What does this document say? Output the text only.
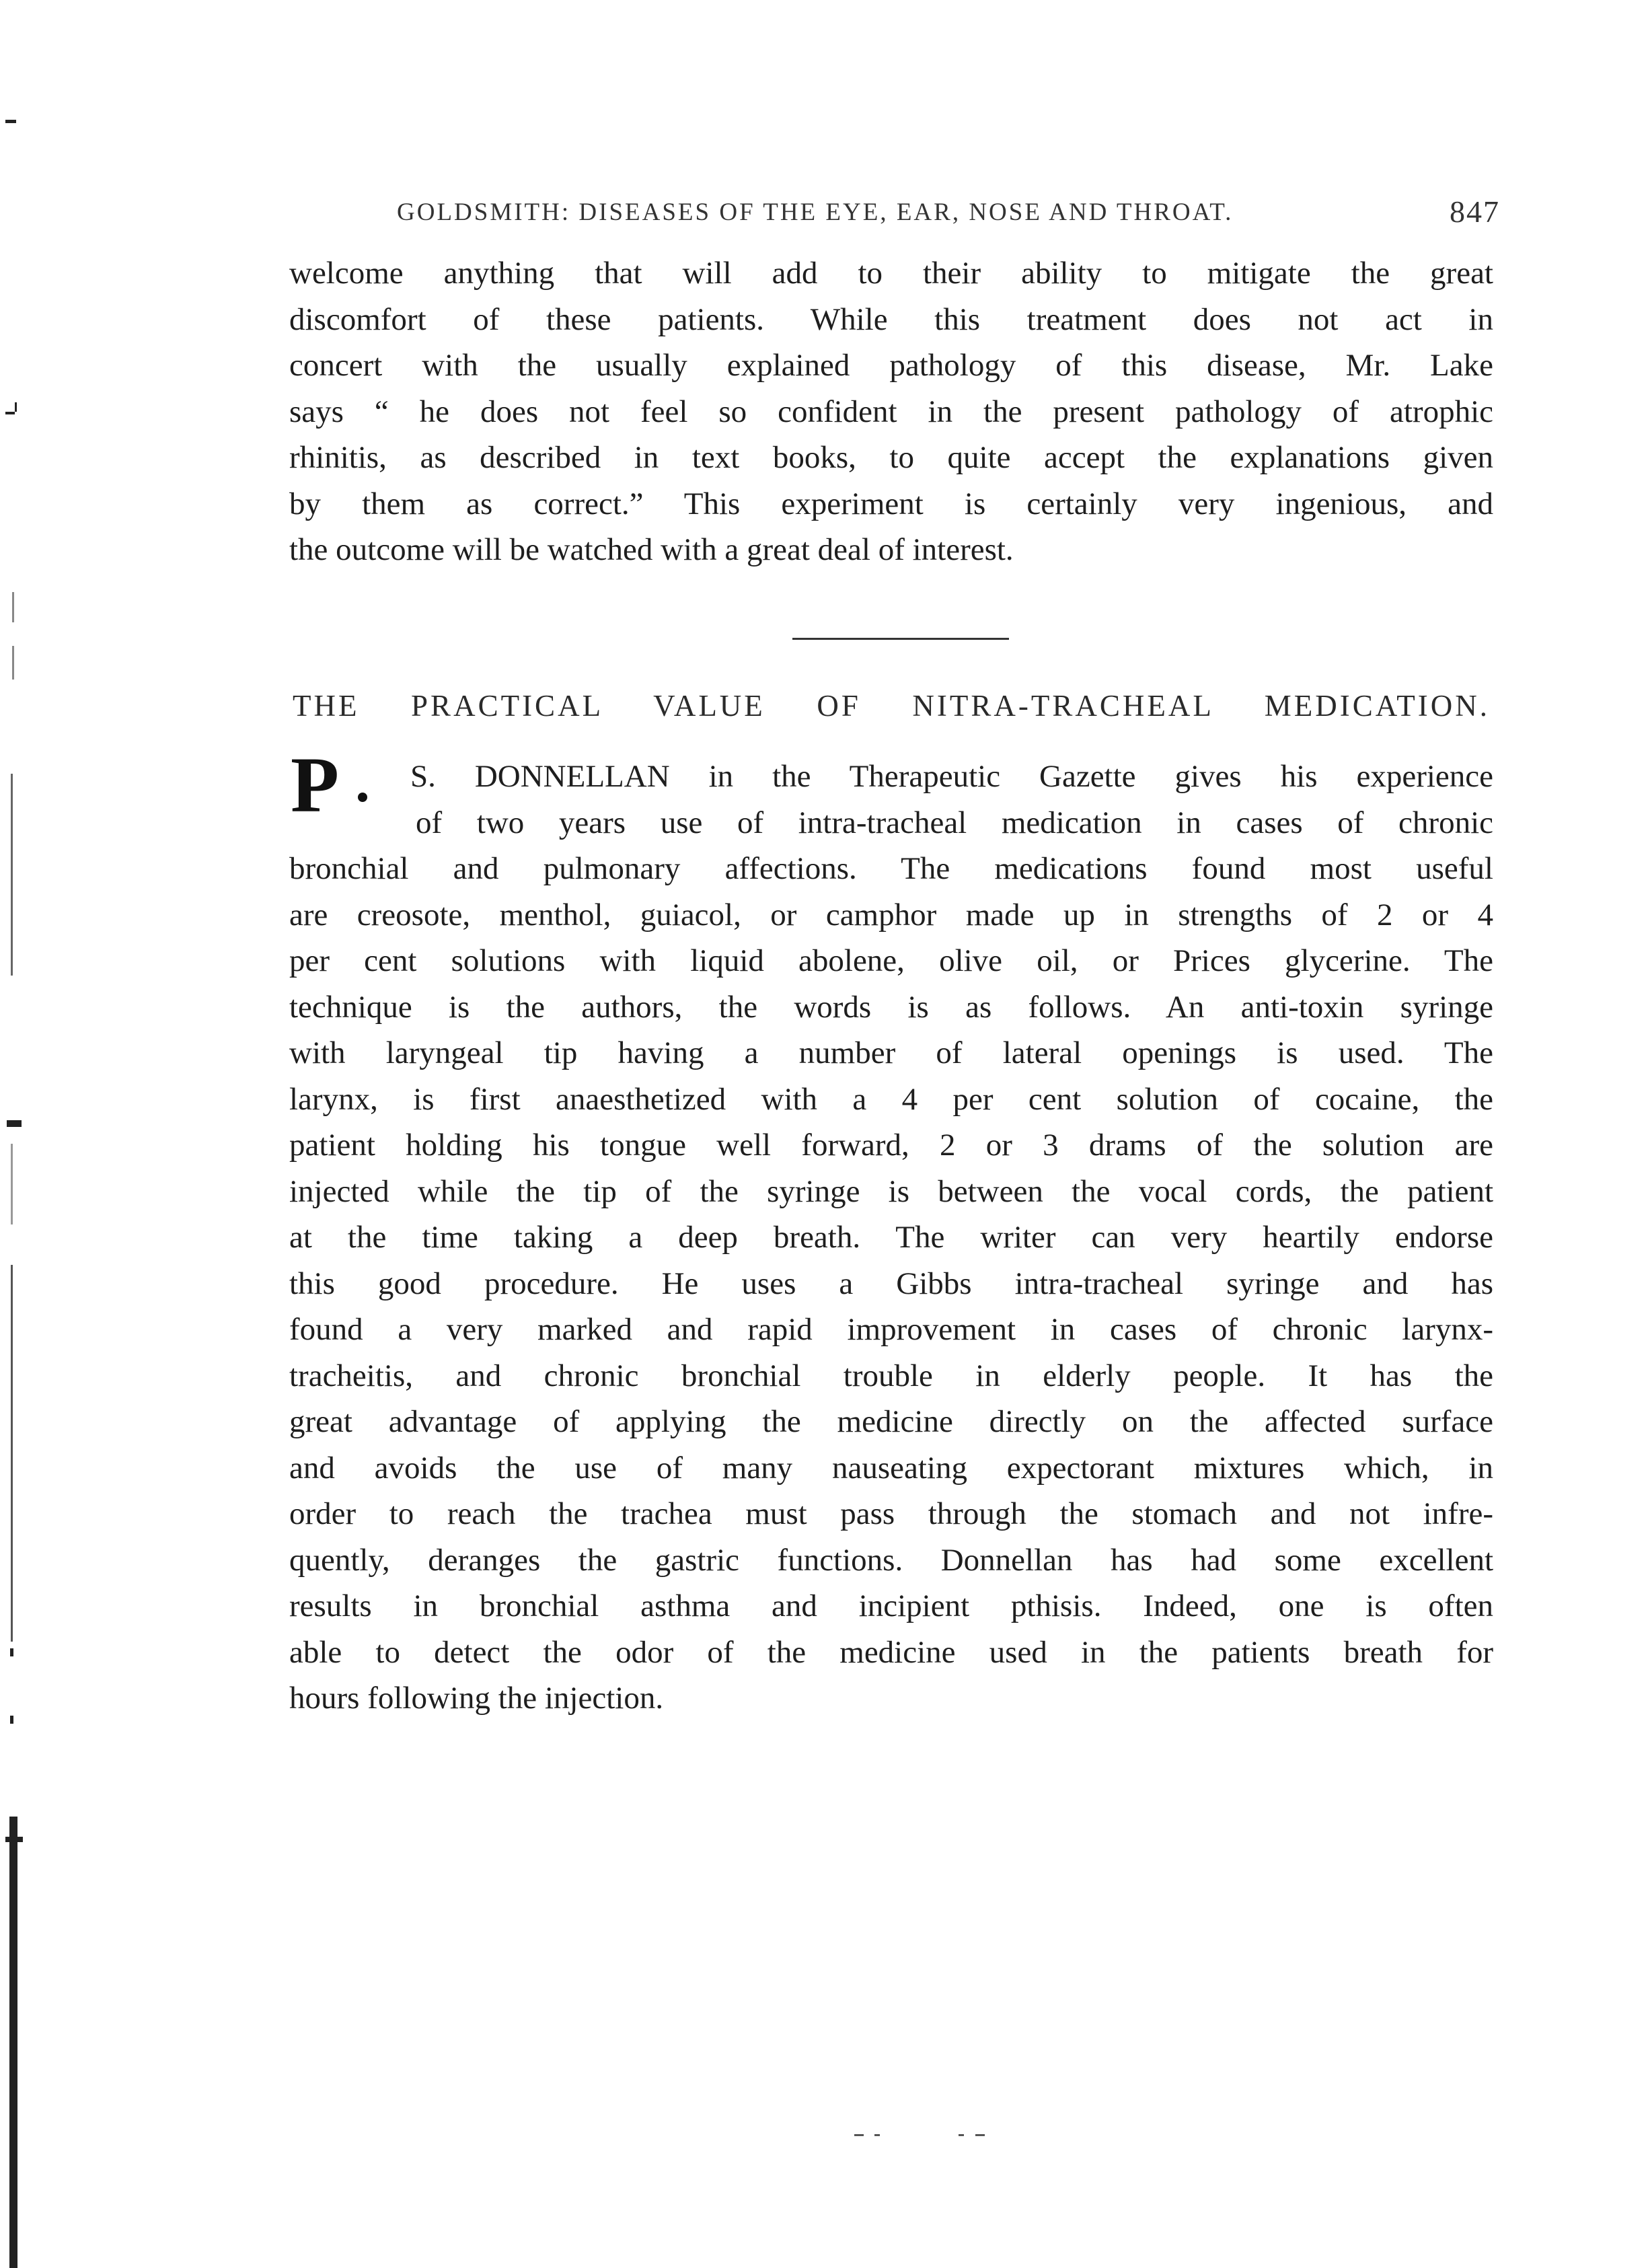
GOLDSMITH: DISEASES OF THE EYE, EAR, NOSE AND THROAT.	847
welcome anything that will add to their ability to mitigate the great
discomfort of these patients. While this treatment does not act in
concert with the usually explained pathology of this disease, Mr. Lake
says “ he does not feel so confident in the present pathology of atrophic
rhinitis, as described in text books, to quite accept the explanations given
by them as correct.” This experiment is certainly very ingenious, and
the outcome will be watched with a great deal of interest.
THE PRACTICAL VALUE OF NITRA-TRACHEAL MEDICATION.
P	S. DONNELLAN in the Therapeutic Gazette gives his experience
of two years use of intra-tracheal medication in cases of chronic
bronchial and pulmonary affections. The medications found most useful
are creosote, menthol, guiacol, or camphor made up in strengths of 2 or 4
per cent solutions with liquid abolene, olive oil, or Prices glycerine. The
technique is the authors, the words is as follows. An anti-toxin syringe
with laryngeal tip having a number of lateral openings is used. The
larynx, is first anaesthetized with a 4 per cent solution of cocaine, the
patient holding his tongue well forward, 2 or 3 drams of the solution are
injected while the tip of the syringe is between the vocal cords, the patient
at the time taking a deep breath. The writer can very heartily endorse
this good procedure. He uses a Gibbs intra-tracheal syringe and has
found a very marked and rapid improvement in cases of chronic larynx-
tracheitis, and chronic bronchial trouble in elderly people. It has the
great advantage of applying the medicine directly on the affected surface
and avoids the use of many nauseating expectorant mixtures which, in
order to reach the trachea must pass through the stomach and not infre-
quently, deranges the gastric functions. Donnellan has had some excellent
results in bronchial asthma and incipient pthisis. Indeed, one is often
able to detect the odor of the medicine used in the patients breath for
hours following the injection.
